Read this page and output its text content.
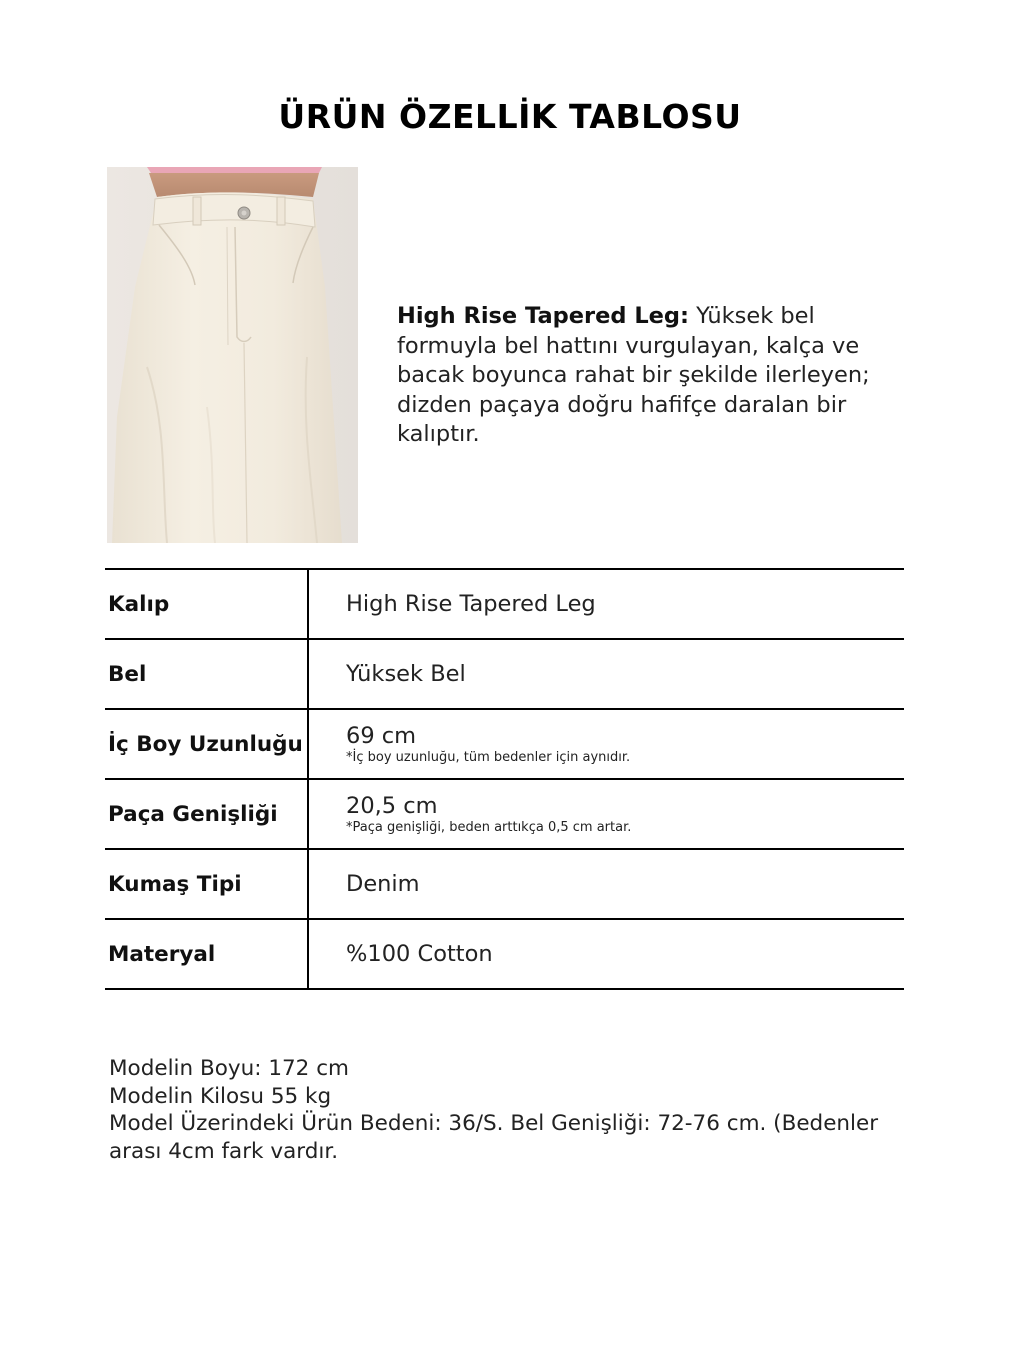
ÜRÜN ÖZELLİK TABLOSU
High Rise Tapered Leg: Yüksek bel formuyla bel hattını vurgulayan, kalça ve bacak boyunca rahat bir şekilde ilerleyen; dizden paçaya doğru hafifçe daralan bir kalıptır.
Kalıp	High Rise Tapered Leg
Bel	Yüksek Bel
İç Boy Uzunluğu 69 cm
*İç boy uzunluğu, tüm bedenler için aynıdır.
Paça Genişliği	20,5 cm
*Paça genişliği, beden arttıkça 0,5 cm artar.
Kumaş Tipi	Denim
Materyal	%100 Cotton
Modelin Boyu: 172 cm
Modelin Kilosu 55 kg
Model Üzerindeki Ürün Bedeni: 36/S. Bel Genişliği: 72-76 cm. (Bedenler arası 4cm fark vardır.
